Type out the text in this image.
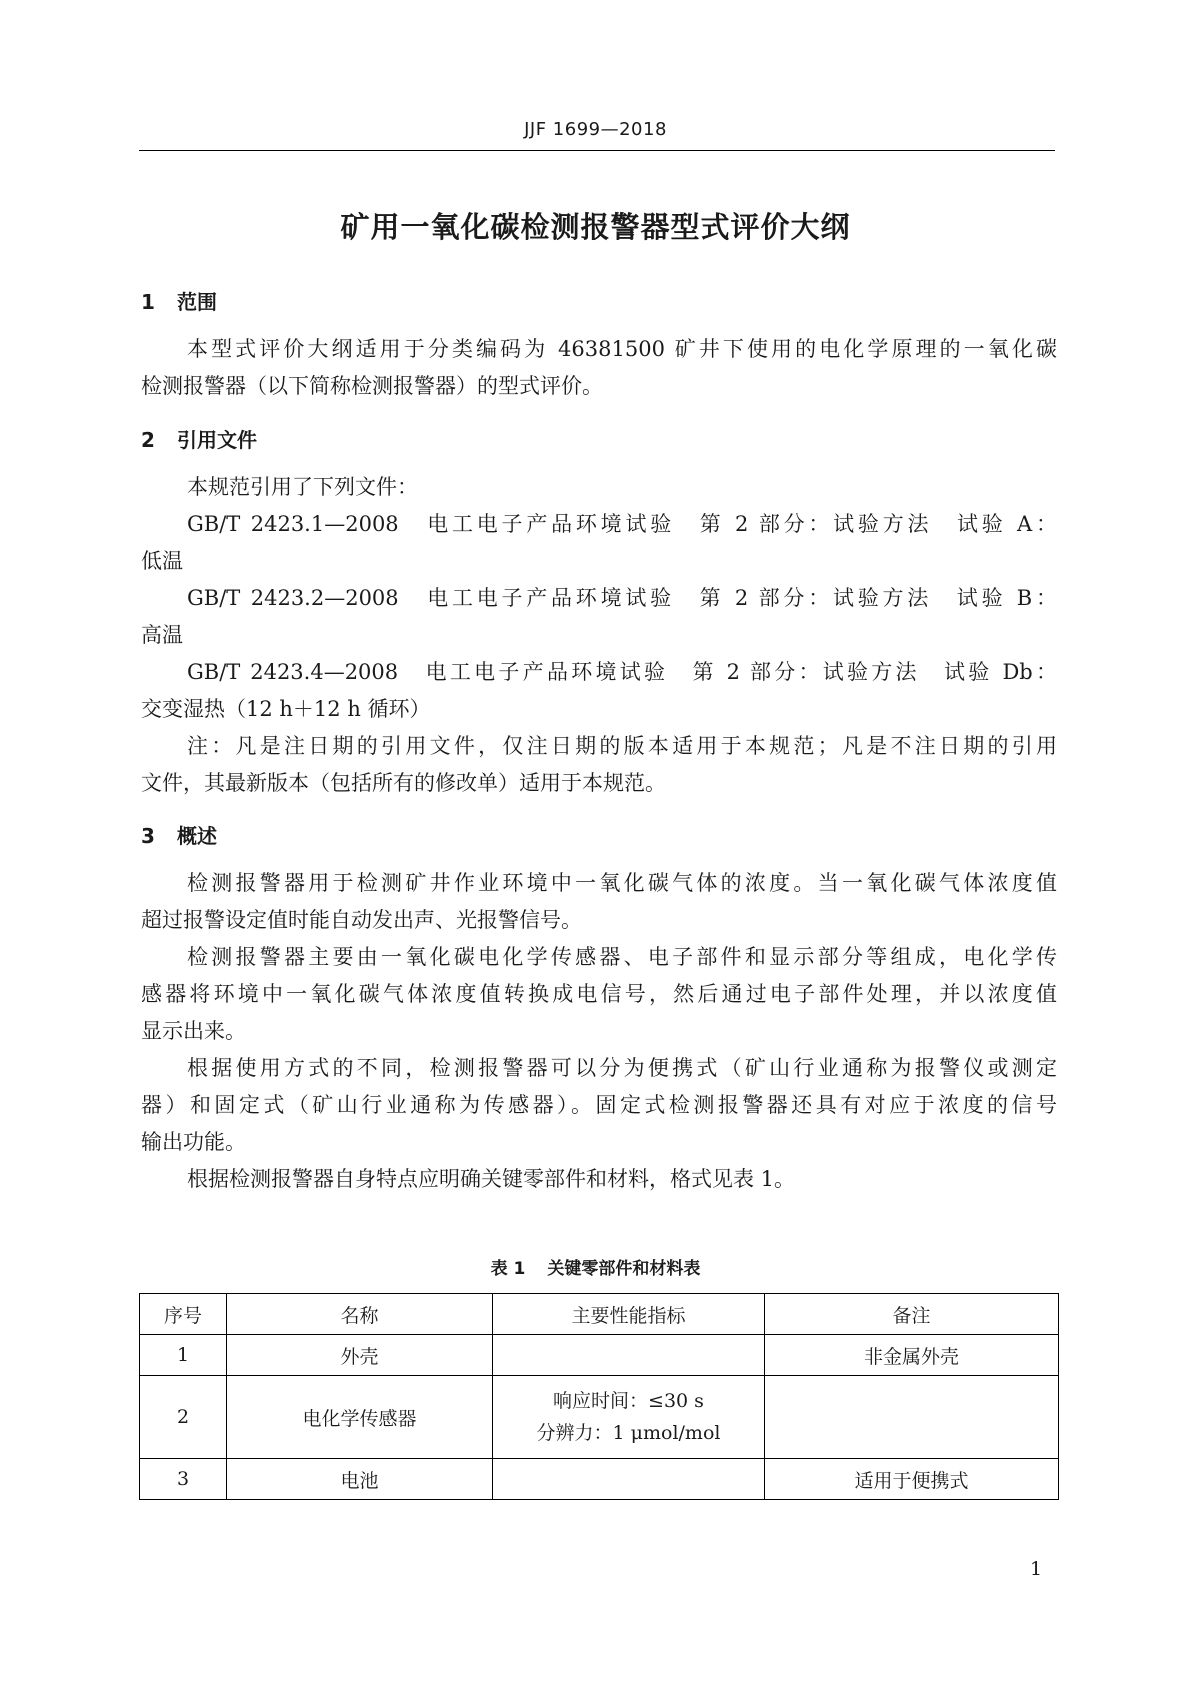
JJF 1699—2018
矿用一氧化碳检测报警器型式评价大纲
1 范围
本型式评价大纲适用于分类编码为 46381500 矿井下使用的电化学原理的一氧化碳
检测报警器（以下简称检测报警器）的型式评价。
2 引用文件
本规范引用了下列文件：
GB/T 2423.1—2008　电工电子产品环境试验　第 2 部分：试验方法　试验 A：
低温
GB/T 2423.2—2008　电工电子产品环境试验　第 2 部分：试验方法　试验 B：
高温
GB/T 2423.4—2008　电工电子产品环境试验　第 2 部分：试验方法　试验 Db：
交变湿热（12 h＋12 h 循环）
注：凡是注日期的引用文件，仅注日期的版本适用于本规范；凡是不注日期的引用
文件，其最新版本（包括所有的修改单）适用于本规范。
3 概述
检测报警器用于检测矿井作业环境中一氧化碳气体的浓度。当一氧化碳气体浓度值
超过报警设定值时能自动发出声、光报警信号。
检测报警器主要由一氧化碳电化学传感器、电子部件和显示部分等组成，电化学传
感器将环境中一氧化碳气体浓度值转换成电信号，然后通过电子部件处理，并以浓度值
显示出来。
根据使用方式的不同，检测报警器可以分为便携式（矿山行业通称为报警仪或测定
器）和固定式（矿山行业通称为传感器）。固定式检测报警器还具有对应于浓度的信号
输出功能。
根据检测报警器自身特点应明确关键零部件和材料，格式见表 1。
表 1 关键零部件和材料表
序号	名称	主要性能指标	备注
1	外壳		非金属外壳
2	电化学传感器	响应时间：≤30 s
分辨力：1 μmol/mol	

3	电池		适用于便携式
1
